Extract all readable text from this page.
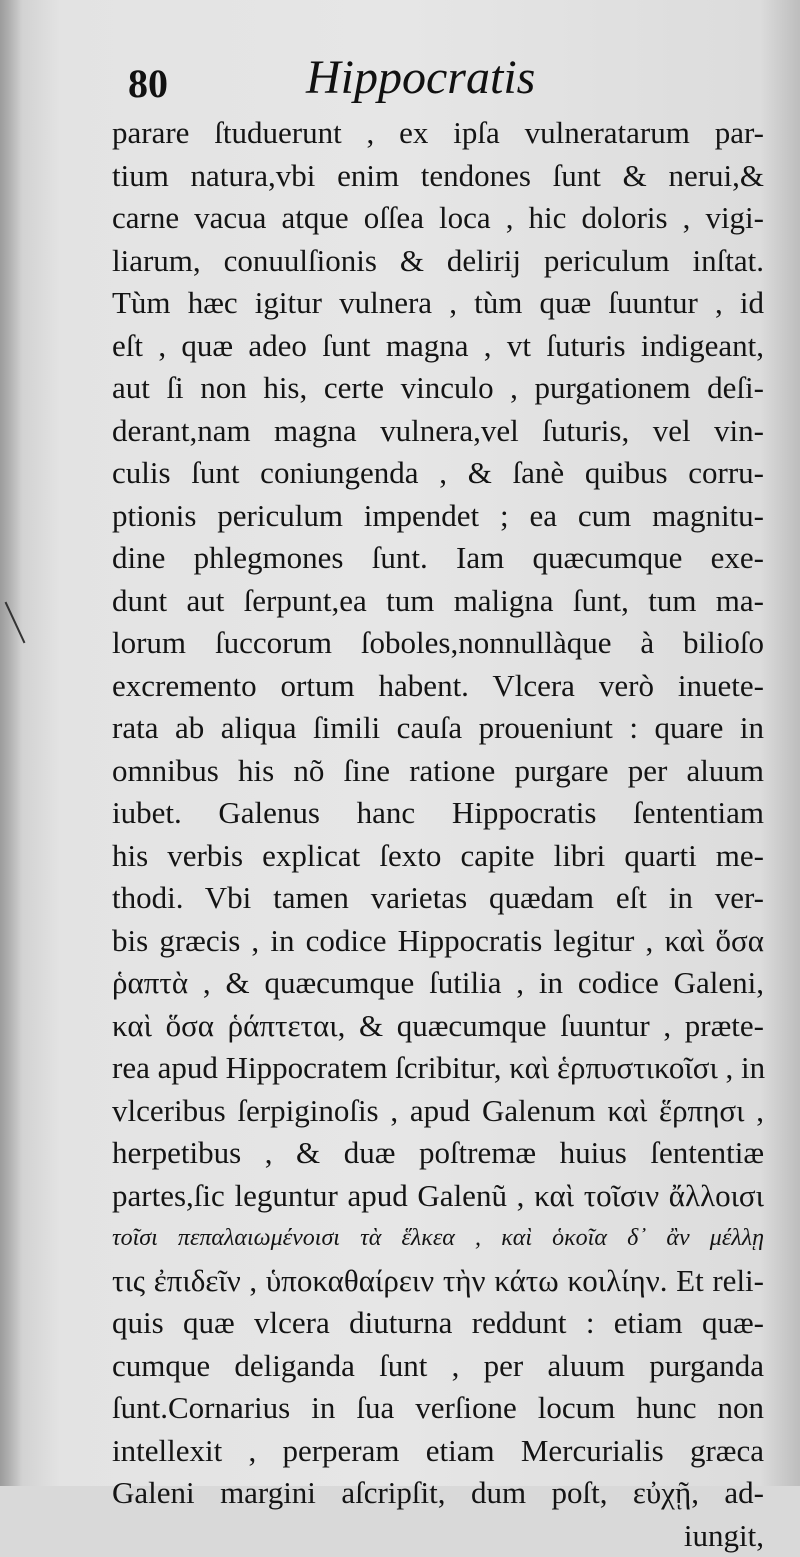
80	Hippocratis
parare ſtuduerunt , ex ipſa vulneratarum par-
tium natura,vbi enim tendones ſunt & nerui,&
carne vacua atque oſſea loca , hic doloris , vigi-
liarum, conuulſionis & delirij periculum inſtat.
Tùm hæc igitur vulnera , tùm quæ ſuuntur , id
eſt , quæ adeo ſunt magna , vt ſuturis indigeant,
aut ſi non his, certe vinculo , purgationem deſi-
derant,nam magna vulnera,vel ſuturis, vel vin-
culis ſunt coniungenda , & ſanè quibus corru-
ptionis periculum impendet ; ea cum magnitu-
dine phlegmones ſunt. Iam quæcumque exe-
dunt aut ſerpunt,ea tum maligna ſunt, tum ma-
lorum ſuccorum ſoboles,nonnullàque à bilioſo
excremento ortum habent. Vlcera verò inuete-
rata ab aliqua ſimili cauſa proueniunt : quare in
omnibus his nõ ſine ratione purgare per aluum
iubet. Galenus hanc Hippocratis ſententiam
his verbis explicat ſexto capite libri quarti me-
thodi. Vbi tamen varietas quædam eſt in ver-
bis græcis , in codice Hippocratis legitur , καὶ ὅσα
ῥαπτὰ , & quæcumque ſutilia , in codice Galeni,
καὶ ὅσα ῥάπτεται, & quæcumque ſuuntur , præte-
rea apud Hippocratem ſcribitur, καὶ ἑρπυστικοῖσι , in
vlceribus ſerpiginoſis , apud Galenum καὶ ἕρπησι ,
herpetibus , & duæ poſtremæ huius ſententiæ
partes,ſic leguntur apud Galenũ , καὶ τοῖσιν ἄλλοισι
τοῖσι πεπαλαιωμένοισι τὰ ἕλκεα , καὶ ὁκοῖα δ᾽ ἂν μέλλῃ
τις ἐπιδεῖν , ὑποκαθαίρειν τὴν κάτω κοιλίην. Et reli-
quis quæ vlcera diuturna reddunt : etiam quæ-
cumque deliganda ſunt , per aluum purganda
ſunt.Cornarius in ſua verſione locum hunc non
intellexit , perperam etiam Mercurialis græca
Galeni margini aſcripſit, dum poſt, εὐχῇ, ad-
iungit,
